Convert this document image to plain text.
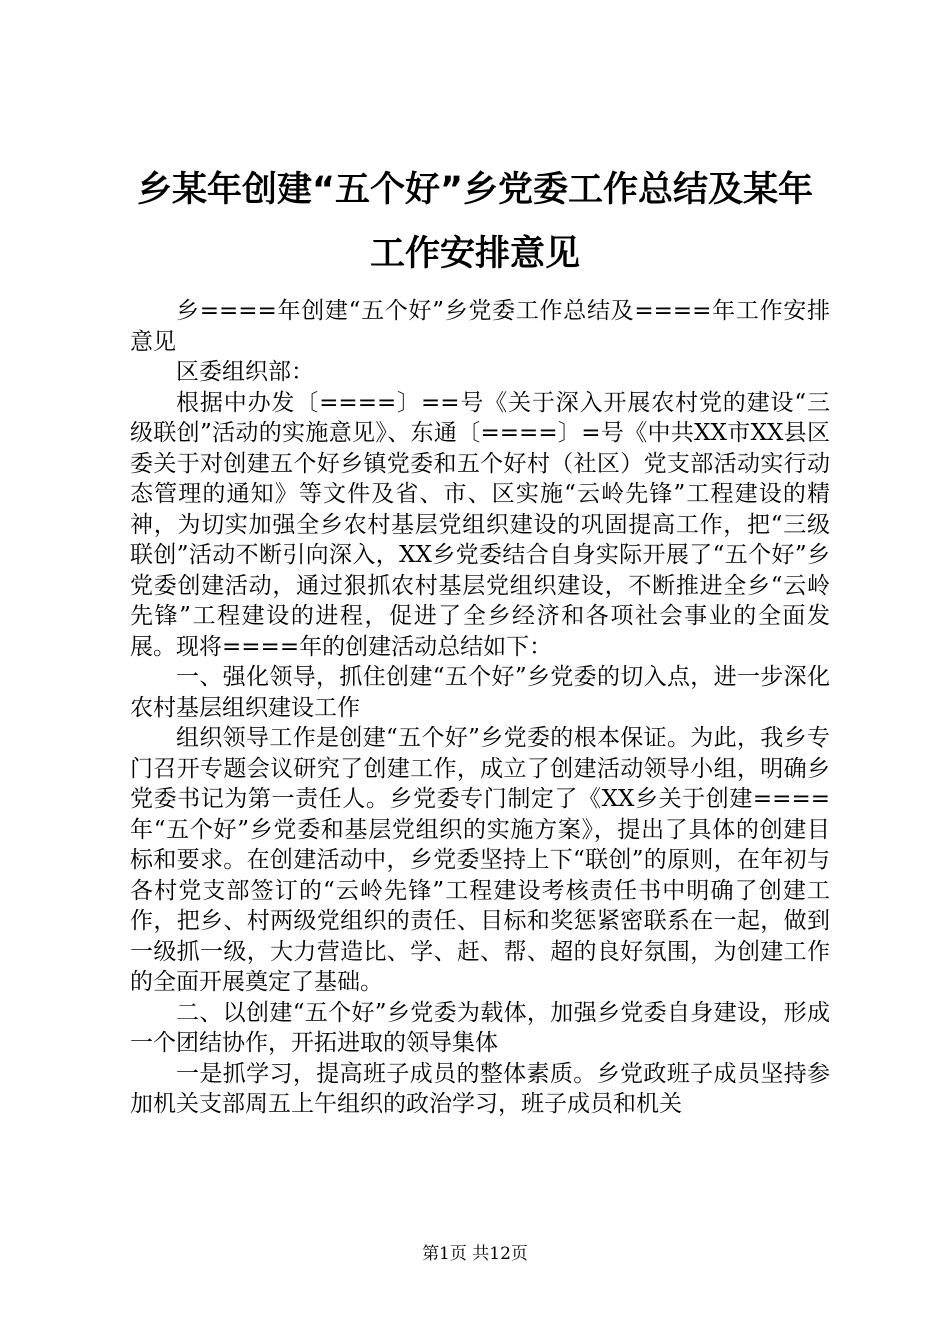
乡某年创建“五个好”乡党委工作总结及某年
工作安排意见

乡====年创建“五个好”乡党委工作总结及====年工作安排意见

区委组织部：

根据中办发〔====〕==号《关于深入开展农村党的建设“三级联创”活动的实施意见》、东通〔====〕=号《中共XX市XX县区委关于对创建五个好乡镇党委和五个好村（社区）党支部活动实行动态管理的通知》等文件及省、市、区实施“云岭先锋”工程建设的精神，为切实加强全乡农村基层党组织建设的巩固提高工作，把“三级联创”活动不断引向深入，XX乡党委结合自身实际开展了“五个好”乡党委创建活动，通过狠抓农村基层党组织建设，不断推进全乡“云岭先锋”工程建设的进程，促进了全乡经济和各项社会事业的全面发展。现将====年的创建活动总结如下：

一、强化领导，抓住创建“五个好”乡党委的切入点，进一步深化农村基层组织建设工作

组织领导工作是创建“五个好”乡党委的根本保证。为此，我乡专门召开专题会议研究了创建工作，成立了创建活动领导小组，明确乡党委书记为第一责任人。乡党委专门制定了《XX乡关于创建====年“五个好”乡党委和基层党组织的实施方案》，提出了具体的创建目标和要求。在创建活动中，乡党委坚持上下“联创”的原则，在年初与各村党支部签订的“云岭先锋”工程建设考核责任书中明确了创建工作，把乡、村两级党组织的责任、目标和奖惩紧密联系在一起，做到一级抓一级，大力营造比、学、赶、帮、超的良好氛围，为创建工作的全面开展奠定了基础。

二、以创建“五个好”乡党委为载体，加强乡党委自身建设，形成一个团结协作，开拓进取的领导集体

一是抓学习，提高班子成员的整体素质。乡党政班子成员坚持参加机关支部周五上午组织的政治学习，班子成员和机关

第1页 共12页
